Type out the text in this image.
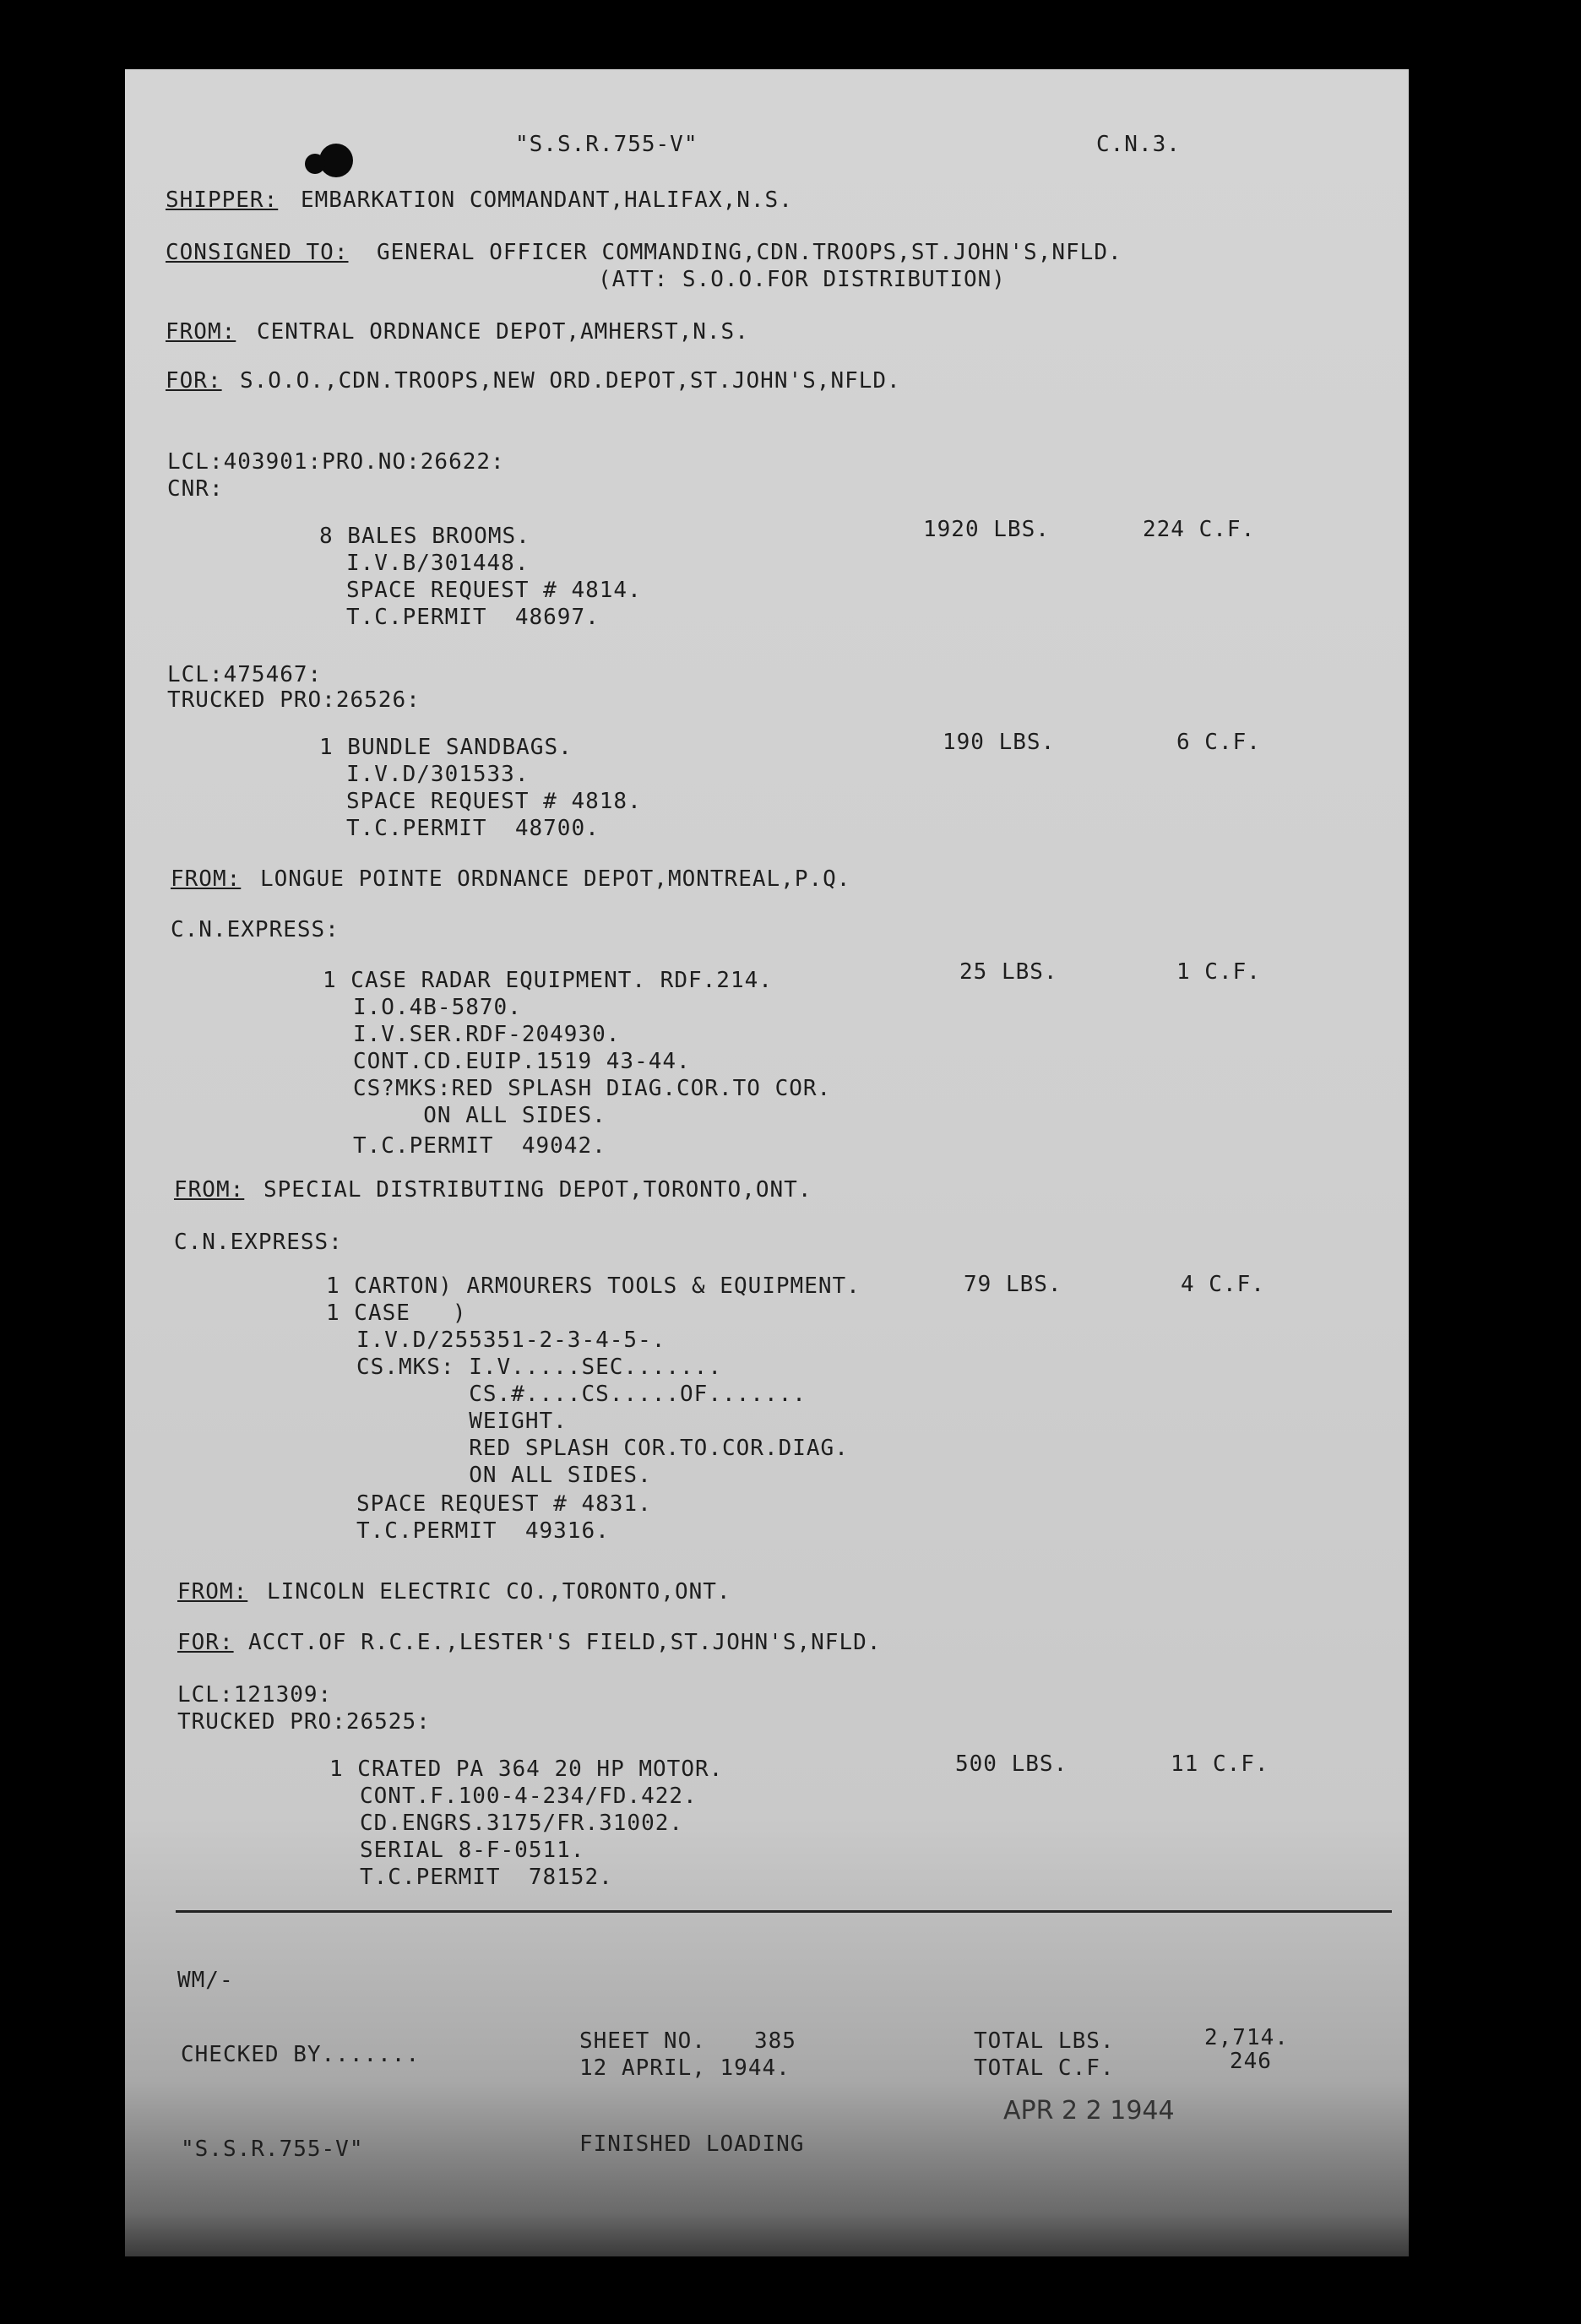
"S.S.R.755-V"	C.N.3.
SHIPPER: EMBARKATION COMMANDANT,HALIFAX,N.S.
CONSIGNED TO: GENERAL OFFICER COMMANDING,CDN.TROOPS,ST.JOHN'S,NFLD.
(ATT: S.O.O.FOR DISTRIBUTION)
FROM: CENTRAL ORDNANCE DEPOT,AMHERST,N.S.
FOR: S.O.O.,CDN.TROOPS,NEW ORD.DEPOT,ST.JOHN'S,NFLD.
LCL:403901:PRO.NO:26622:
CNR:
8 BALES BROOMS.
I.V.B/301448.
SPACE REQUEST # 4814.
T.C.PERMIT  48697.
1920 LBS.	224 C.F.
LCL:475467:
TRUCKED PRO:26526:
1 BUNDLE SANDBAGS.
I.V.D/301533.
SPACE REQUEST # 4818.
T.C.PERMIT  48700.
190 LBS.	6 C.F.
FROM: LONGUE POINTE ORDNANCE DEPOT,MONTREAL,P.Q.
C.N.EXPRESS:
1 CASE RADAR EQUIPMENT. RDF.214.
I.O.4B-5870.
I.V.SER.RDF-204930.
CONT.CD.EUIP.1519 43-44.
CS?MKS:RED SPLASH DIAG.COR.TO COR.
ON ALL SIDES.
T.C.PERMIT  49042.
25 LBS.	1 C.F.
FROM: SPECIAL DISTRIBUTING DEPOT,TORONTO,ONT.
C.N.EXPRESS:
1 CARTON) ARMOURERS TOOLS & EQUIPMENT.
1 CASE   )
I.V.D/255351-2-3-4-5-.
CS.MKS: I.V.....SEC.......
CS.#....CS.....OF.......
WEIGHT.
RED SPLASH COR.TO.COR.DIAG.
ON ALL SIDES.
SPACE REQUEST # 4831.
T.C.PERMIT  49316.
79 LBS.	4 C.F.
FROM: LINCOLN ELECTRIC CO.,TORONTO,ONT.
FOR: ACCT.OF R.C.E.,LESTER'S FIELD,ST.JOHN'S,NFLD.
LCL:121309:
TRUCKED PRO:26525:
1 CRATED PA 364 20 HP MOTOR.
CONT.F.100-4-234/FD.422.
CD.ENGRS.3175/FR.31002.
SERIAL 8-F-0511.
T.C.PERMIT  78152.
500 LBS.	11 C.F.
WM/-
CHECKED BY.......
SHEET NO. 385
12 APRIL, 1944.
TOTAL LBS.	2,714.
TOTAL C.F.	246
APR 2 2 1944
"S.S.R.755-V"	FINISHED LOADING
